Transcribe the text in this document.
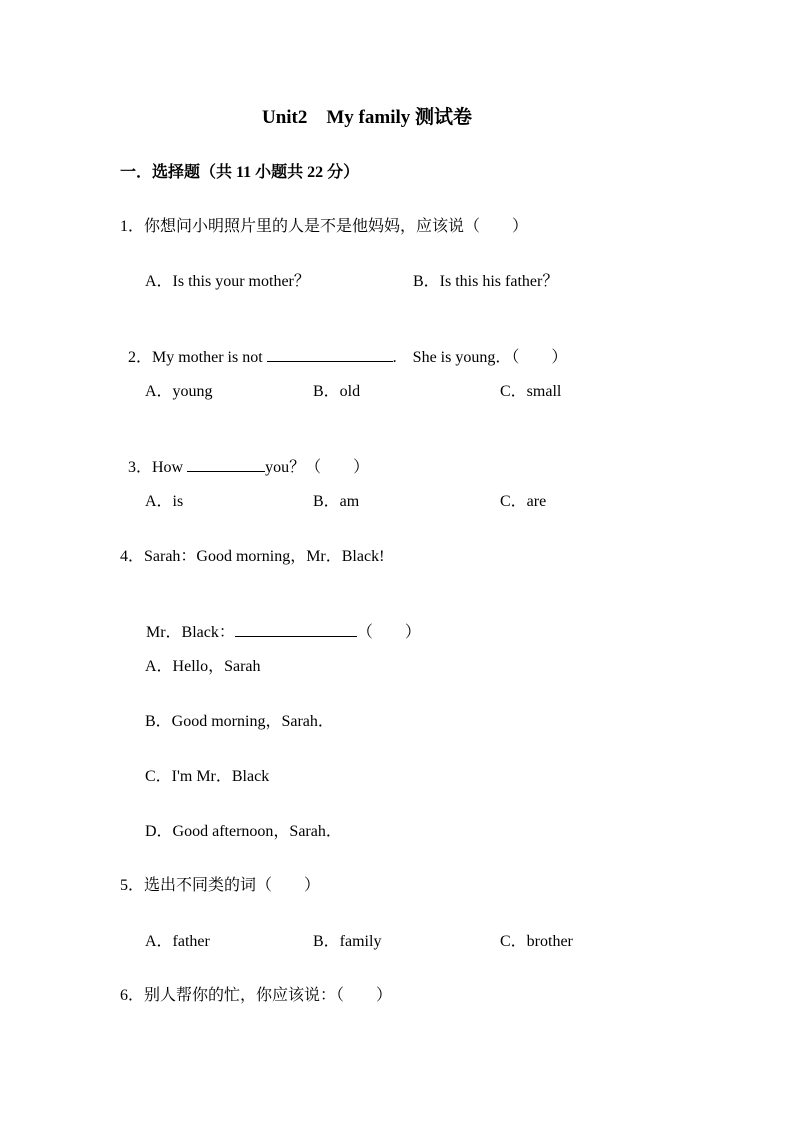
Unit2    My family 测试卷
一．选择题（共 11 小题共 22 分）
1．你想问小明照片里的人是不是他妈妈，应该说（　　）
A．Is this your mother？	B．Is this his father？

2．My mother is not	.    She is young．（　　）

A．young	B．old	C．small

3．How	you？（　　）

A．is	B．am	C．are
4．Sarah：Good morning，Mr．Black!

Mr．Black：	（　　）

A．Hello，Sarah
B．Good morning，Sarah．
C．I'm Mr．Black
D．Good afternoon，Sarah．
5．选出不同类的词（　　）
A．father	B．family	C．brother
6．别人帮你的忙，你应该说：（　　）
